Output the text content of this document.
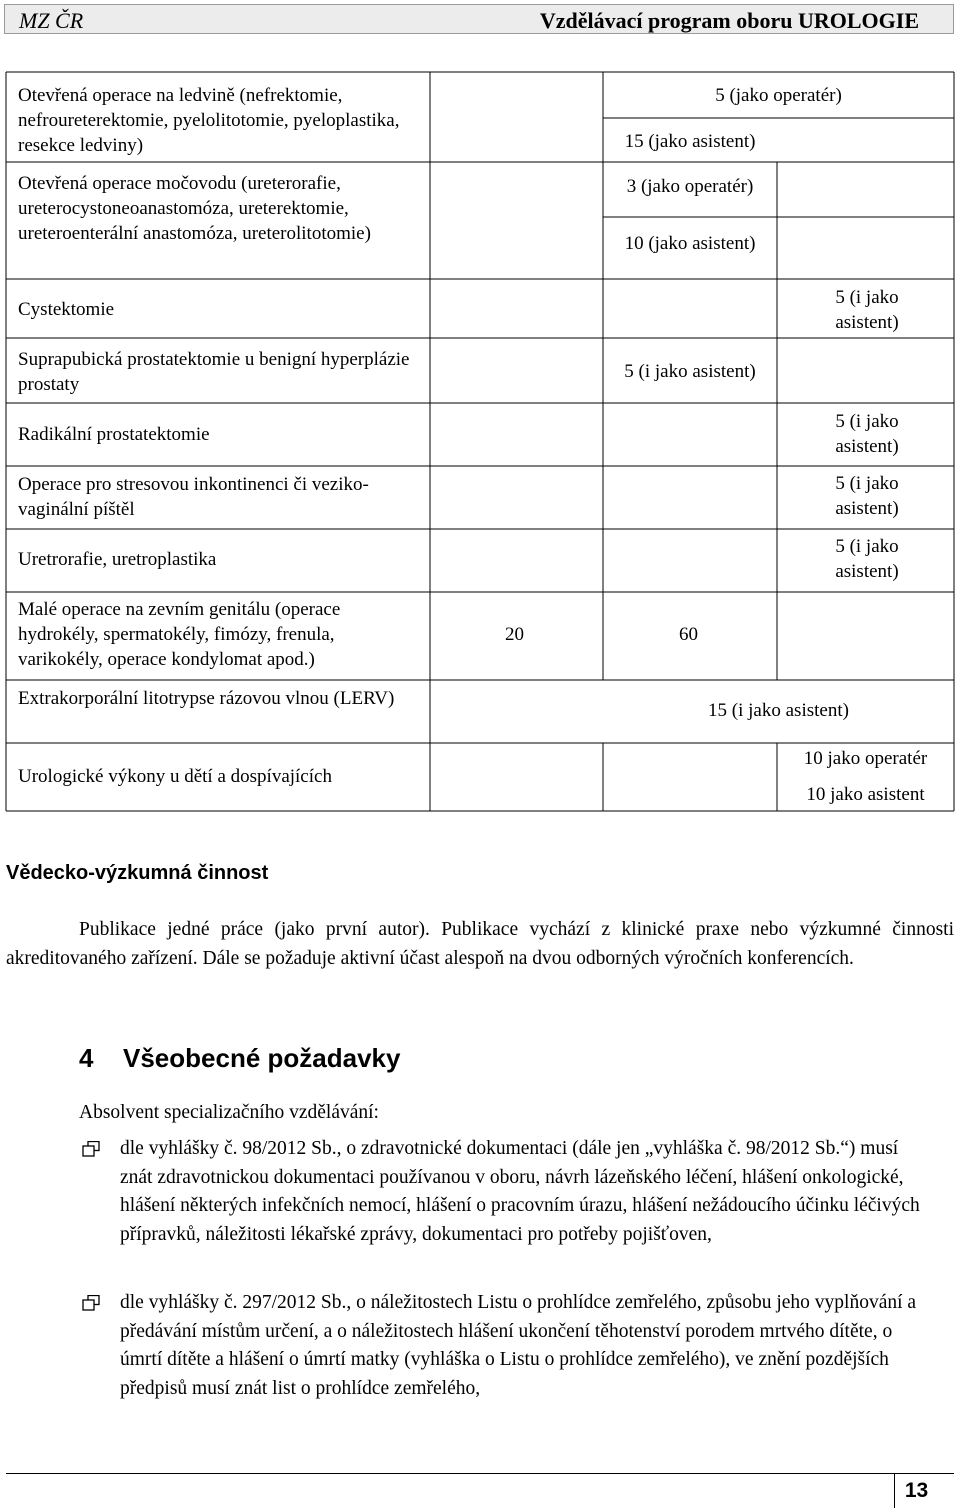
MZ ČR	Vzdělávací program oboru UROLOGIE
Otevřená operace na ledvině (nefrektomie, nefroureterektomie, pyelolitotomie, pyeloplastika, resekce ledviny)
Otevřená operace močovodu (ureterorafie, ureterocystoneoanastomóza, ureterektomie, ureteroenterální anastomóza, ureterolitotomie)
Cystektomie
Suprapubická prostatektomie u benigní hyperplázie prostaty
Radikální prostatektomie
Operace pro stresovou inkontinenci či veziko-vaginální píštěl
Uretrorafie, uretroplastika
Malé operace na zevním genitálu (operace hydrokély, spermatokély, fimózy, frenula, varikokély, operace kondylomat apod.)
Extrakorporální litotrypse rázovou vlnou (LERV)
Urologické výkony u dětí a dospívajících
5 (jako operatér)
15 (jako asistent)
3 (jako operatér)
10 (jako asistent)
5 (i jako asistent)
5 (i jako asistent)
5 (i jako asistent)
5 (i jako asistent)
5 (i jako asistent)
20	60
15 (i jako asistent)
10 jako operatér
10 jako asistent
Vědecko-výzkumná činnost
Publikace jedné práce (jako první autor). Publikace vychází z klinické praxe nebo výzkumné činnosti akreditovaného zařízení. Dále se požaduje aktivní účast alespoň na dvou odborných výročních konferencích.
4 Všeobecné požadavky
Absolvent specializačního vzdělávání:
dle vyhlášky č. 98/2012 Sb., o zdravotnické dokumentaci (dále jen „vyhláška č. 98/2012 Sb.“) musí znát zdravotnickou dokumentaci používanou v oboru, návrh lázeňského léčení, hlášení onkologické, hlášení některých infekčních nemocí, hlášení o pracovním úrazu, hlášení nežádoucího účinku léčivých přípravků, náležitosti lékařské zprávy, dokumentaci pro potřeby pojišťoven,
dle vyhlášky č. 297/2012 Sb., o náležitostech Listu o prohlídce zemřelého, způsobu jeho vyplňování a předávání místům určení, a o náležitostech hlášení ukončení těhotenství porodem mrtvého dítěte, o úmrtí dítěte a hlášení o úmrtí matky (vyhláška o Listu o prohlídce zemřelého), ve znění pozdějších předpisů musí znát list o prohlídce zemřelého,
13
